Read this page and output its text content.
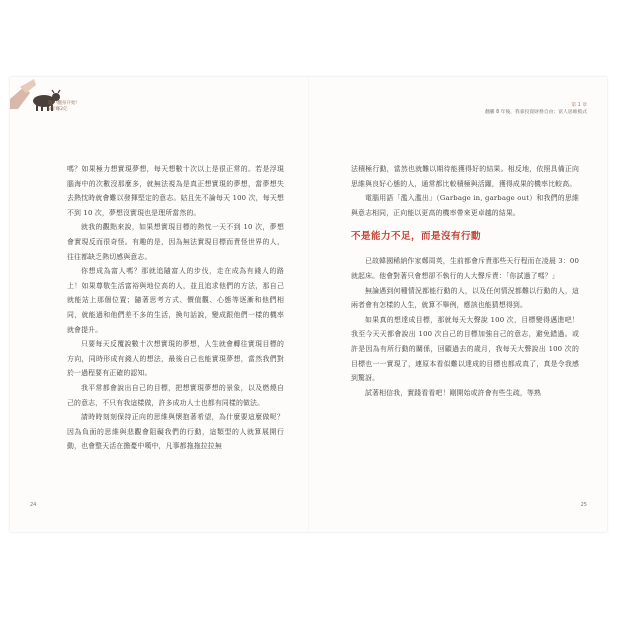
散户翻身开始！
8年赚2亿

嗎？如果極力想實現夢想，每天想數十次以上是很正常的。若是浮現腦海中的次數沒那麼多，就無法視為是真正想實現的夢想，當夢想失去熱忱時就會難以發揮堅定的意志。姑且先不論每天 100 次，每天想不到 10 次，夢想沒實現也是理所當然的。

就我的觀點來說，如果想實現目標的熱忱一天不到 10 次，夢想會實現反而很奇怪。有趣的是，因為無法實現目標而責怪世界的人，往往都缺乏熱切感與意志。

你想成為富人嗎？那就追隨富人的步伐，走在成為有錢人的路上！如果尊敬生活富裕與地位高的人，並且追求他們的方法，那自己就能站上那個位置；隨著思考方式、價值觀、心態等逐漸和他們相同，就能過和他們差不多的生活，換句話說，變成跟他們一樣的機率就會提升。

只要每天反覆說數十次想實現的夢想，人生就會轉往實現目標的方向，同時形成有錢人的想法，最後自己也能實現夢想，當然我們對於一過程要有正確的認知。

我平常都會說出自己的目標，把想實現夢想的景象，以及燃燒自己的意志，不只有我這樣做，許多成功人士也都有同樣的做法。

請時時刻刻保持正向的思維與懷抱著希望，為什麼要這麼做呢？因為負面的思維與悲觀會阻礙我們的行動，這類型的人就算展開行動，也會整天活在擔憂中嘆中，凡事都拖拖拉拉無

24
第 1 章
翻騰 8 年後，我靠投資財務自由；富人思維模式

法積極行動，當然也就難以期待能獲得好的結果。相反地，依照具備正向思維與良好心態的人，通常都比較積極與活躍，獲得成果的機率比較高。

電腦用語「濫入濫出」（Garbage in, garbage out）和我們的思維與意志相同，正向能以更高的機率帶來更卓越的結果。

不是能力不足，而是沒有行動

已故韓國稀納作家鄭周英，生前都會斥責那些天行程而在凌晨 3：00 就起床。他會對著只會想卻不執行的人大聲斥責：「你試過了嗎？」

無論遇到何種情況都能行動的人，以及任何情況都難以行動的人，這兩者會有怎樣的人生，就算不舉例，應該也能猜想得到。

如果真的想達成目標，那就每天大聲說 100 次，目標變得邁進吧！我至今天天都會說出 100 次自己的目標加強自己的意志，避免錯過。或許是因為有所行動的關係，回顧過去的歲月，我每天大聲說出 100 次的目標也一一實現了，連原本看似難以達成的目標也都成真了，真是令我感到驚訝。

試著相信我，實踐看看吧！剛開始或許會有些生疏，等熟

25
